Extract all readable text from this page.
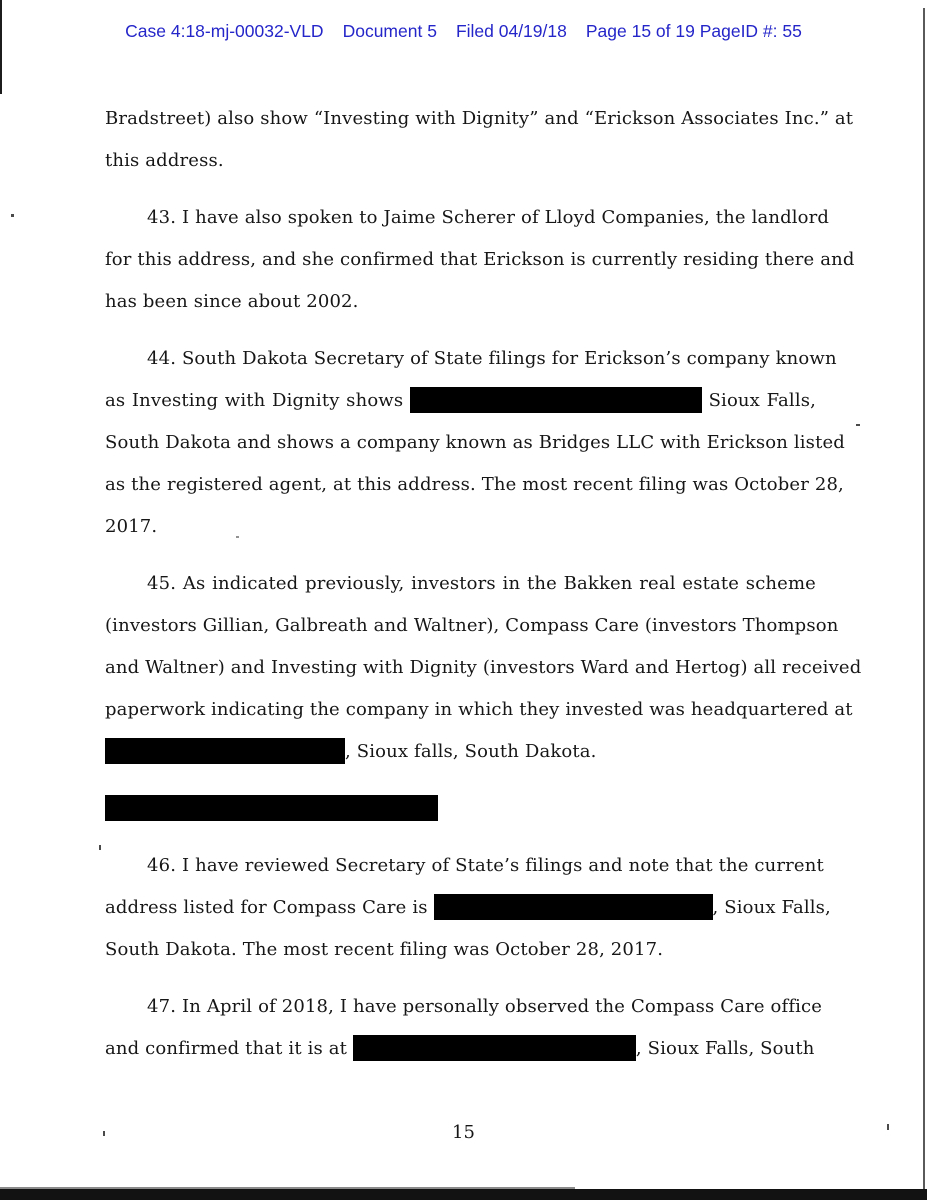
Case 4:18-mj-00032-VLD Document 5 Filed 04/19/18 Page 15 of 19 PageID #: 55

Bradstreet) also show “Investing with Dignity” and “Erickson Associates Inc.” at
this address.

43. I have also spoken to Jaime Scherer of Lloyd Companies, the landlord
for this address, and she confirmed that Erickson is currently residing there and
has been since about 2002.

44. South Dakota Secretary of State filings for Erickson’s company known
as Investing with Dignity shows	Sioux Falls,
South Dakota and shows a company known as Bridges LLC with Erickson listed
as the registered agent, at this address. The most recent filing was October 28,
2017.

45. As indicated previously, investors in the Bakken real estate scheme
(investors Gillian, Galbreath and Waltner), Compass Care (investors Thompson
and Waltner) and Investing with Dignity (investors Ward and Hertog) all received
paperwork indicating the company in which they invested was headquartered at
, Sioux falls, South Dakota.

46. I have reviewed Secretary of State’s filings and note that the current
address listed for Compass Care is	, Sioux Falls,
South Dakota. The most recent filing was October 28, 2017.

47. In April of 2018, I have personally observed the Compass Care office
and confirmed that it is at	, Sioux Falls, South

15
